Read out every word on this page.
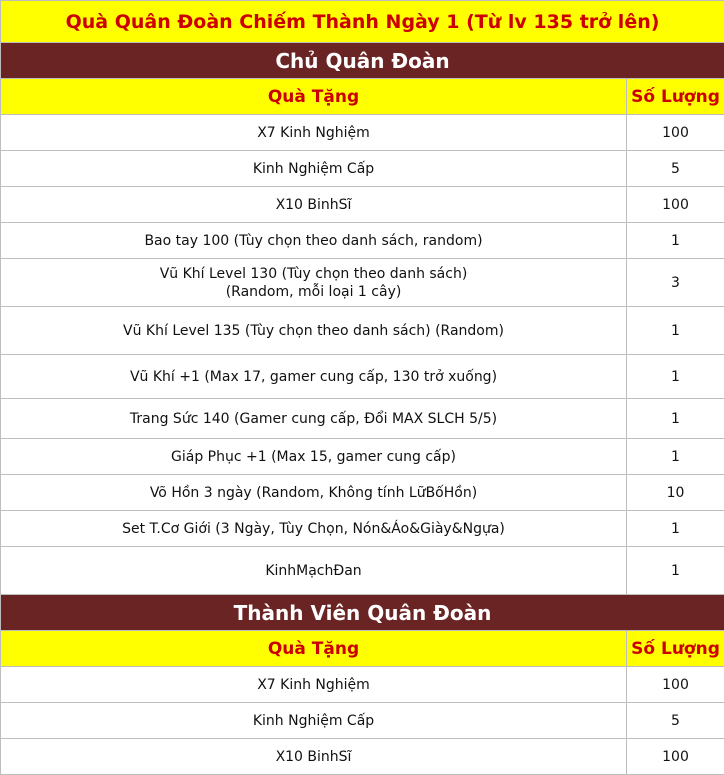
Quà Quân Đoàn Chiếm Thành Ngày 1 (Từ lv 135 trở lên)	
Chủ Quân Đoàn	
Quà Tặng	Số Lượng
X7 Kinh Nghiệm	100
Kinh Nghiệm Cấp	5
X10 BinhSĩ	100
Bao tay 100 (Tùy chọn theo danh sách, random)	1
Vũ Khí Level 130 (Tùy chọn theo danh sách)
(Random, mỗi loại 1 cây)	3
Vũ Khí Level 135 (Tùy chọn theo danh sách) (Random)	1
Vũ Khí +1 (Max 17, gamer cung cấp, 130 trở xuống)	1
Trang Sức 140 (Gamer cung cấp, Đổi MAX SLCH 5/5)	1
Giáp Phục +1 (Max 15, gamer cung cấp)	1
Võ Hồn 3 ngày (Random, Không tính LữBốHồn)	10
Set T.Cơ Giới (3 Ngày, Tùy Chọn, Nón&Áo&Giày&Ngựa)	1
KinhMạchĐan	1
Thành Viên Quân Đoàn	
Quà Tặng	Số Lượng
X7 Kinh Nghiệm	100
Kinh Nghiệm Cấp	5
X10 BinhSĩ	100
